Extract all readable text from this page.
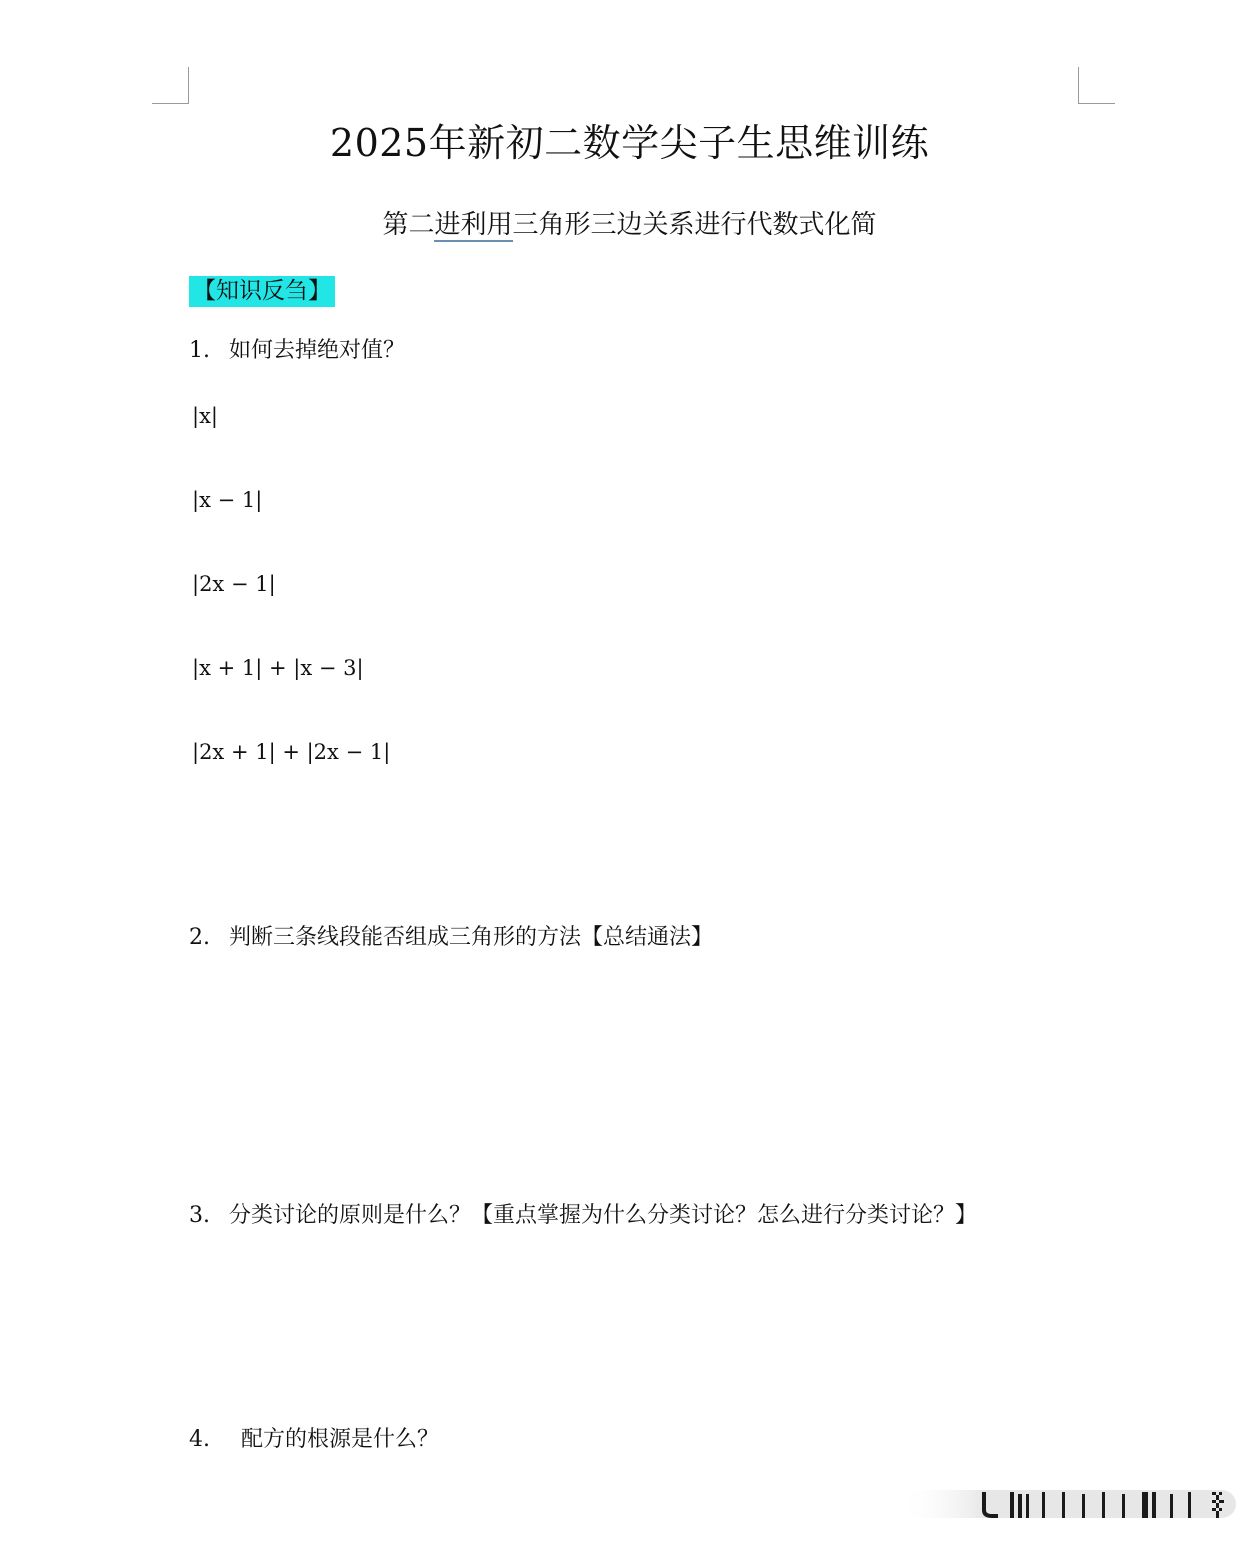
2025年新初二数学尖子生思维训练
第二进利用三角形三边关系进行代数式化简
【知识反刍】
1. 如何去掉绝对值？
|x|
|x − 1|
|2x − 1|
|x + 1| + |x − 3|
|2x + 1| + |2x − 1|
2. 判断三条线段能否组成三角形的方法【总结通法】
3. 分类讨论的原则是什么？【重点掌握为什么分类讨论？怎么进行分类讨论？】
4. 配方的根源是什么？
